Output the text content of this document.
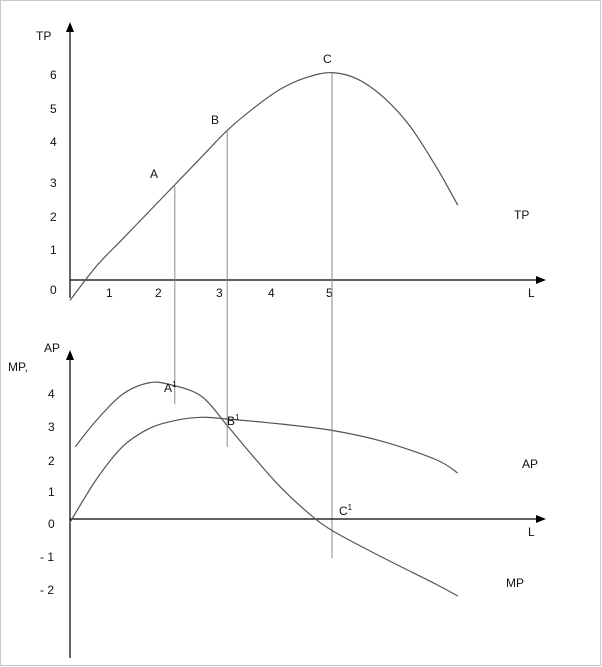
TP
L
0	1	2	3	4	5
1
2
3
4
5
6
TP
A
B
C
AP
MP,
L
4
3
2
1
0
- 1
- 2
AP
MP
$A^1$
$B^1$
$C^1$
